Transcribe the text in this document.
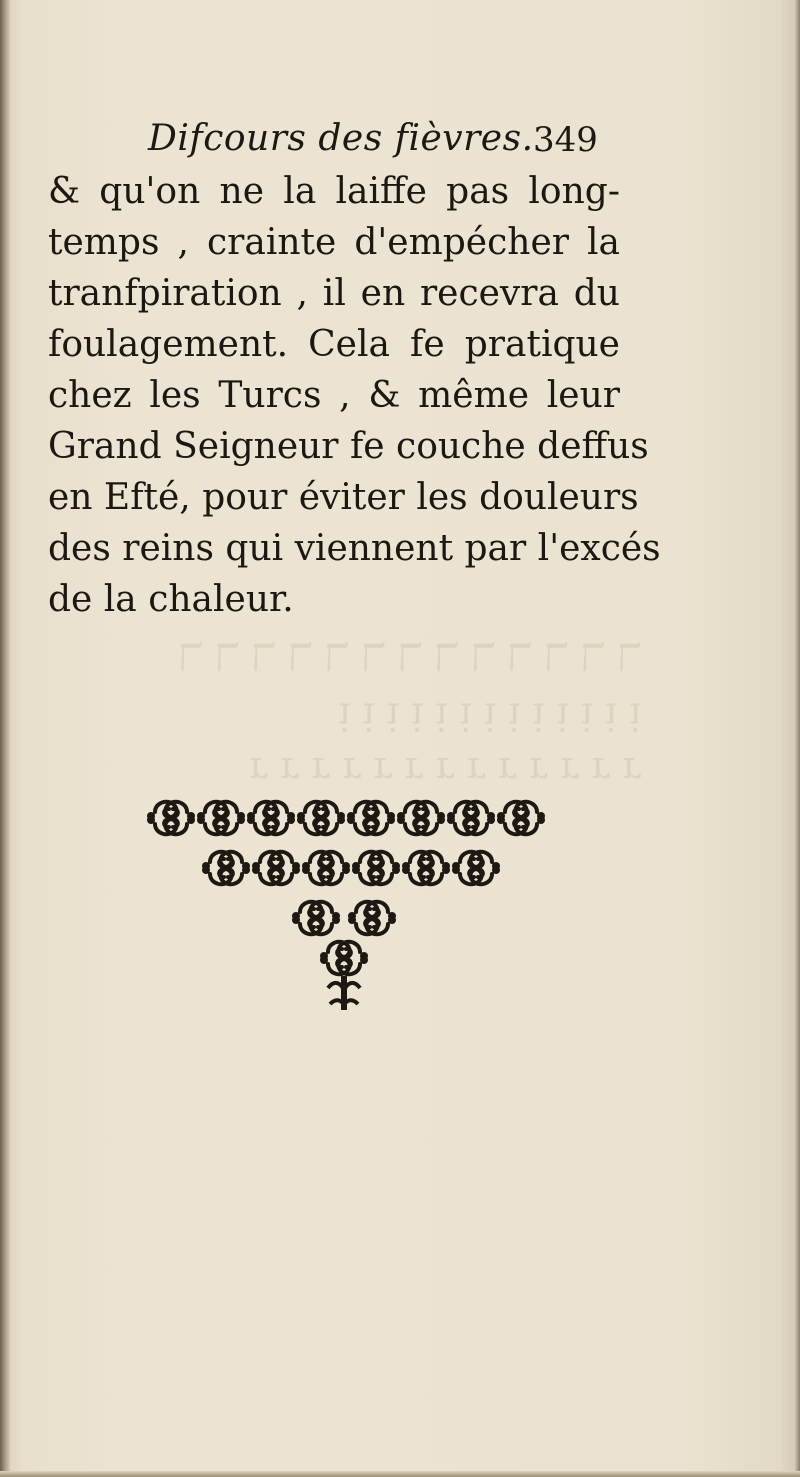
ℸ ℸ ℸ ℸ ℸ ℸ ℸ ℸ ℸ ℸ ℸ ℸ ℸ
ᴉ ᴉ ᴉ ᴉ ᴉ ᴉ ᴉ ᴉ ᴉ ᴉ ᴉ ᴉ ᴉ
ɹ ɹ ɹ ɹ ɹ ɹ ɹ ɹ ɹ ɹ ɹ ɹ ɹ
Difcours des fièvres. 349
& qu'on ne la laiffe pas long-
temps , crainte d'empécher la
tranfpiration , il en recevra du
foulagement. Cela fe pratique
chez les Turcs , & même leur
Grand Seigneur fe couche deffus
en Efté, pour éviter les douleurs
des reins qui viennent par l'excés
de la chaleur.
